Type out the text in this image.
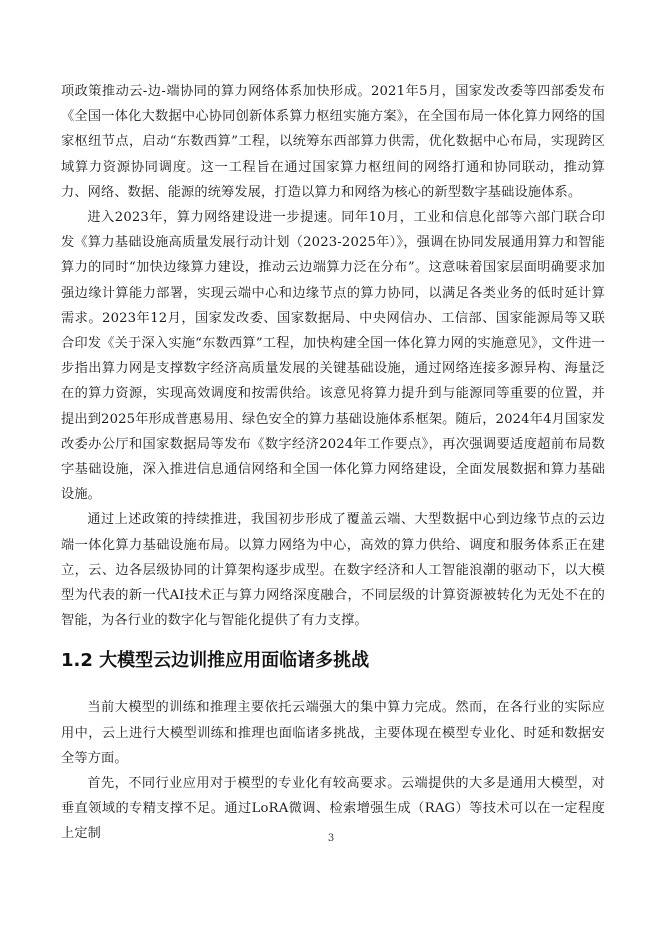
项政策推动云-边-端协同的算力网络体系加快形成。2021年5月，国家发改委等四部委发布《全国一体化大数据中心协同创新体系算力枢纽实施方案》，在全国布局一体化算力网络的国家枢纽节点，启动“东数西算”工程，以统筹东西部算力供需，优化数据中心布局，实现跨区域算力资源协同调度。这一工程旨在通过国家算力枢纽间的网络打通和协同联动，推动算力、网络、数据、能源的统筹发展，打造以算力和网络为核心的新型数字基础设施体系。

进入2023年，算力网络建设进一步提速。同年10月，工业和信息化部等六部门联合印发《算力基础设施高质量发展行动计划（2023-2025年）》，强调在协同发展通用算力和智能算力的同时“加快边缘算力建设，推动云边端算力泛在分布”。这意味着国家层面明确要求加强边缘计算能力部署，实现云端中心和边缘节点的算力协同，以满足各类业务的低时延计算需求。2023年12月，国家发改委、国家数据局、中央网信办、工信部、国家能源局等又联合印发《关于深入实施“东数西算”工程，加快构建全国一体化算力网的实施意见》，文件进一步指出算力网是支撑数字经济高质量发展的关键基础设施，通过网络连接多源异构、海量泛在的算力资源，实现高效调度和按需供给。该意见将算力提升到与能源同等重要的位置，并提出到2025年形成普惠易用、绿色安全的算力基础设施体系框架。随后，2024年4月国家发改委办公厅和国家数据局等发布《数字经济2024年工作要点》，再次强调要适度超前布局数字基础设施，深入推进信息通信网络和全国一体化算力网络建设，全面发展数据和算力基础设施。

通过上述政策的持续推进，我国初步形成了覆盖云端、大型数据中心到边缘节点的云边端一体化算力基础设施布局。以算力网络为中心，高效的算力供给、调度和服务体系正在建立，云、边各层级协同的计算架构逐步成型。在数字经济和人工智能浪潮的驱动下，以大模型为代表的新一代AI技术正与算力网络深度融合，不同层级的计算资源被转化为无处不在的智能，为各行业的数字化与智能化提供了有力支撑。

1.2 大模型云边训推应用面临诸多挑战

当前大模型的训练和推理主要依托云端强大的集中算力完成。然而，在各行业的实际应用中，云上进行大模型训练和推理也面临诸多挑战，主要体现在模型专业化、时延和数据安全等方面。

首先，不同行业应用对于模型的专业化有较高要求。云端提供的大多是通用大模型，对垂直领域的专精支撑不足。通过LoRA微调、检索增强生成（RAG）等技术可以在一定程度上定制	3
